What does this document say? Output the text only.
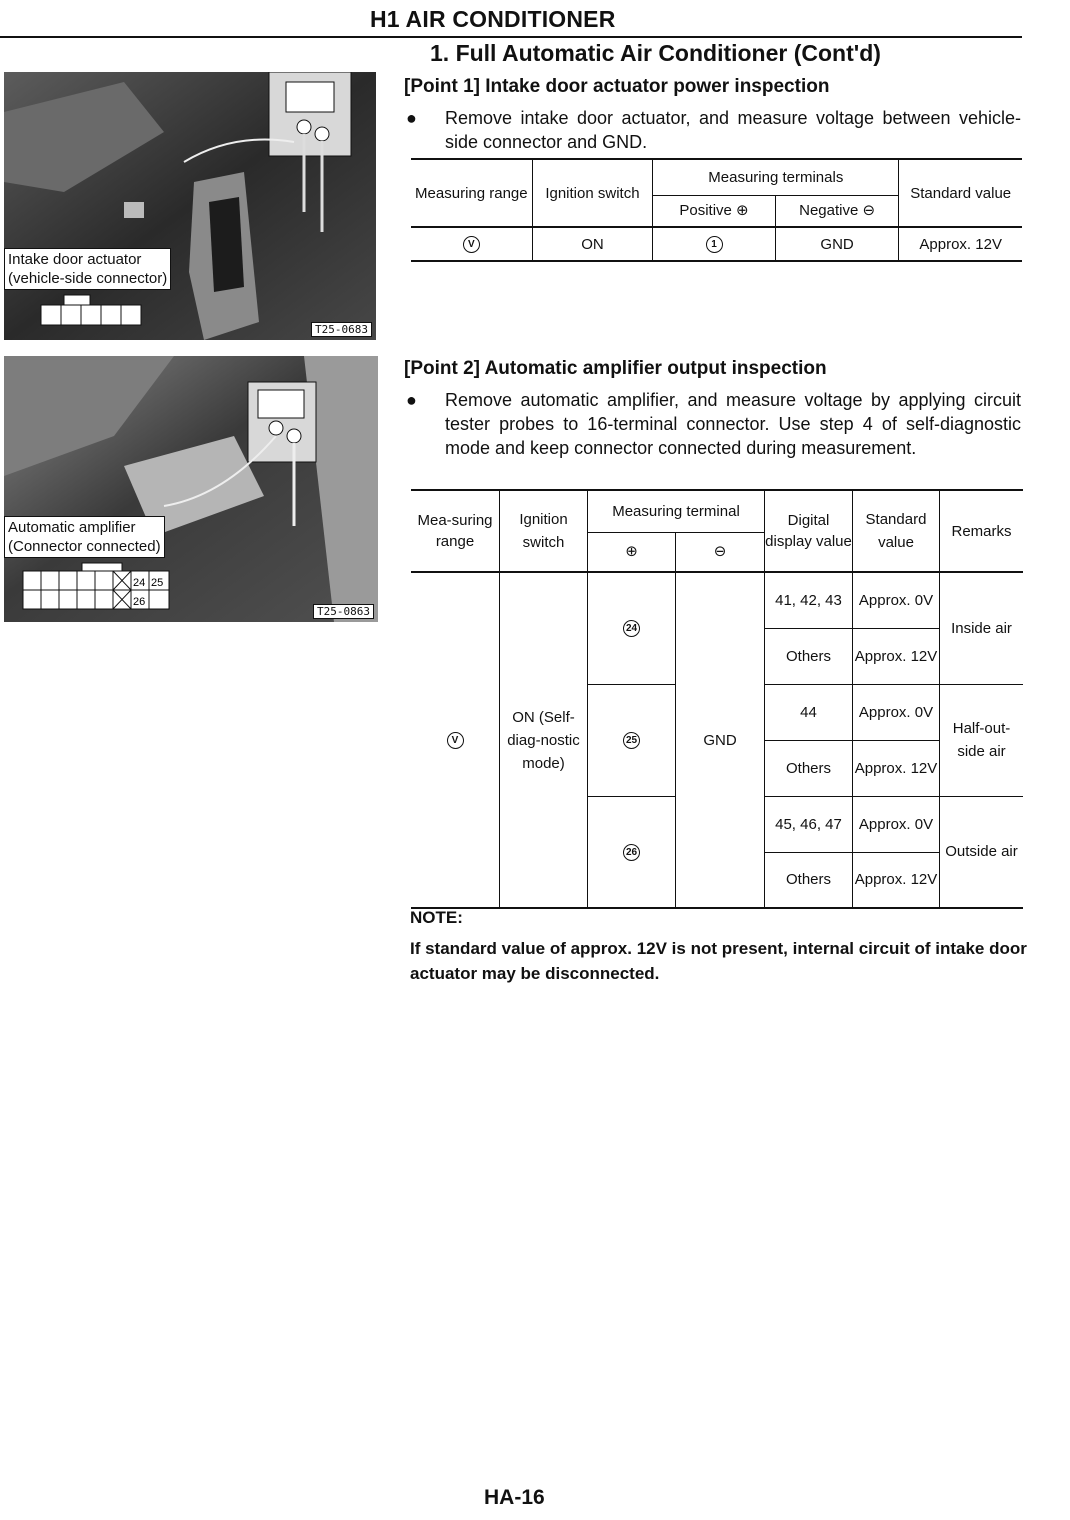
H1 AIR CONDITIONER
1. Full Automatic Air Conditioner (Cont'd)
Intake door actuator
(vehicle-side connector)
T25-0683
Automatic amplifier
(Connector connected)
24 25
26
T25-0863
[Point 1] Intake door actuator power inspection
● Remove intake door actuator, and measure voltage between vehicle-side connector and GND.
Measuring range	Ignition switch	Measuring terminals		Standard value
		Positive ⊕	Negative ⊖	
V	ON	1	GND	Approx. 12V
[Point 2] Automatic amplifier output inspection
● Remove automatic amplifier, and measure voltage by applying circuit tester probes to 16-terminal connector. Use step 4 of self-diagnostic mode and keep connector connected during measurement.
Mea-suring range	Ignition switch	Measuring terminal		Digital display value	Standard value	Remarks
		⊕	⊖			
V	ON (Self-diag-nostic mode)	24	GND	41, 42, 43	Approx. 0V	Inside air
				Others	Approx. 12V	
		25		44	Approx. 0V	Half-out-side air
				Others	Approx. 12V	
		26		45, 46, 47	Approx. 0V	Outside air
				Others	Approx. 12V	
NOTE:
If standard value of approx. 12V is not present, internal circuit of intake door actuator may be disconnected.
HA-16
